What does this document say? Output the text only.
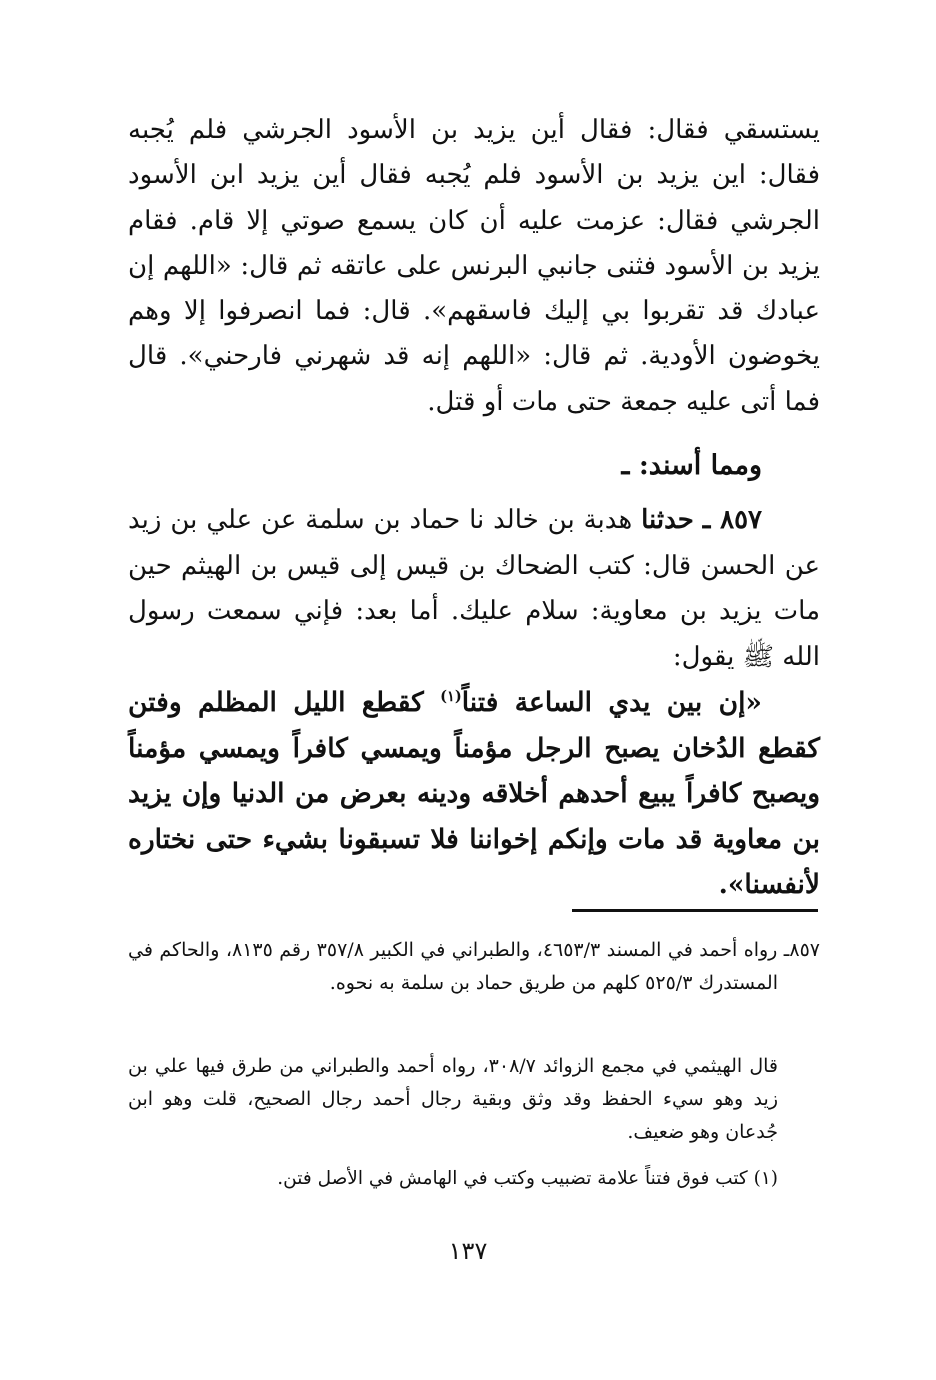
يستسقي فقال: فقال أين يزيد بن الأسود الجرشي فلم يُجبه فقال: اين يزيد بن الأسود فلم يُجبه فقال أين يزيد ابن الأسود الجرشي فقال: عزمت عليه أن كان يسمع صوتي إلا قام. فقام يزيد بن الأسود فثنى جانبي البرنس على عاتقه ثم قال: «اللهم إن عبادك قد تقربوا بي إليك فاسقهم». قال: فما انصرفوا إلا وهم يخوضون الأودية. ثم قال: «اللهم إنه قد شهرني فارحني». قال فما أتى عليه جمعة حتى مات أو قتل.
ومما أسند: ـ
٨٥٧ ـ حدثنا هدبة بن خالد نا حماد بن سلمة عن علي بن زيد عن الحسن قال: كتب الضحاك بن قيس إلى قيس بن الهيثم حين مات يزيد بن معاوية: سلام عليك. أما بعد: فإني سمعت رسول الله ﷺ يقول:
«إن بين يدي الساعة فتناً$^{(١)}$ كقطع الليل المظلم وفتن كقطع الدُخان يصبح الرجل مؤمناً ويمسي كافراً ويمسي مؤمناً ويصبح كافراً يبيع أحدهم أخلاقه ودينه بعرض من الدنيا وإن يزيد بن معاوية قد مات وإنكم إخواننا فلا تسبقونا بشيء حتى نختاره لأنفسنا».
٨٥٧ـ رواه أحمد في المسند ٤٦٥٣/٣، والطبراني في الكبير ٣٥٧/٨ رقم ٨١٣٥، والحاكم في المستدرك ٥٢٥/٣ كلهم من طريق حماد بن سلمة به نحوه.
قال الهيثمي في مجمع الزوائد ٣٠٨/٧، رواه أحمد والطبراني من طرق فيها علي بن زيد وهو سيء الحفظ وقد وثق وبقية رجال أحمد رجال الصحيح، قلت وهو ابن جُدعان وهو ضعيف.
(١) كتب فوق فتناً علامة تضبيب وكتب في الهامش في الأصل فتن.
١٣٧
